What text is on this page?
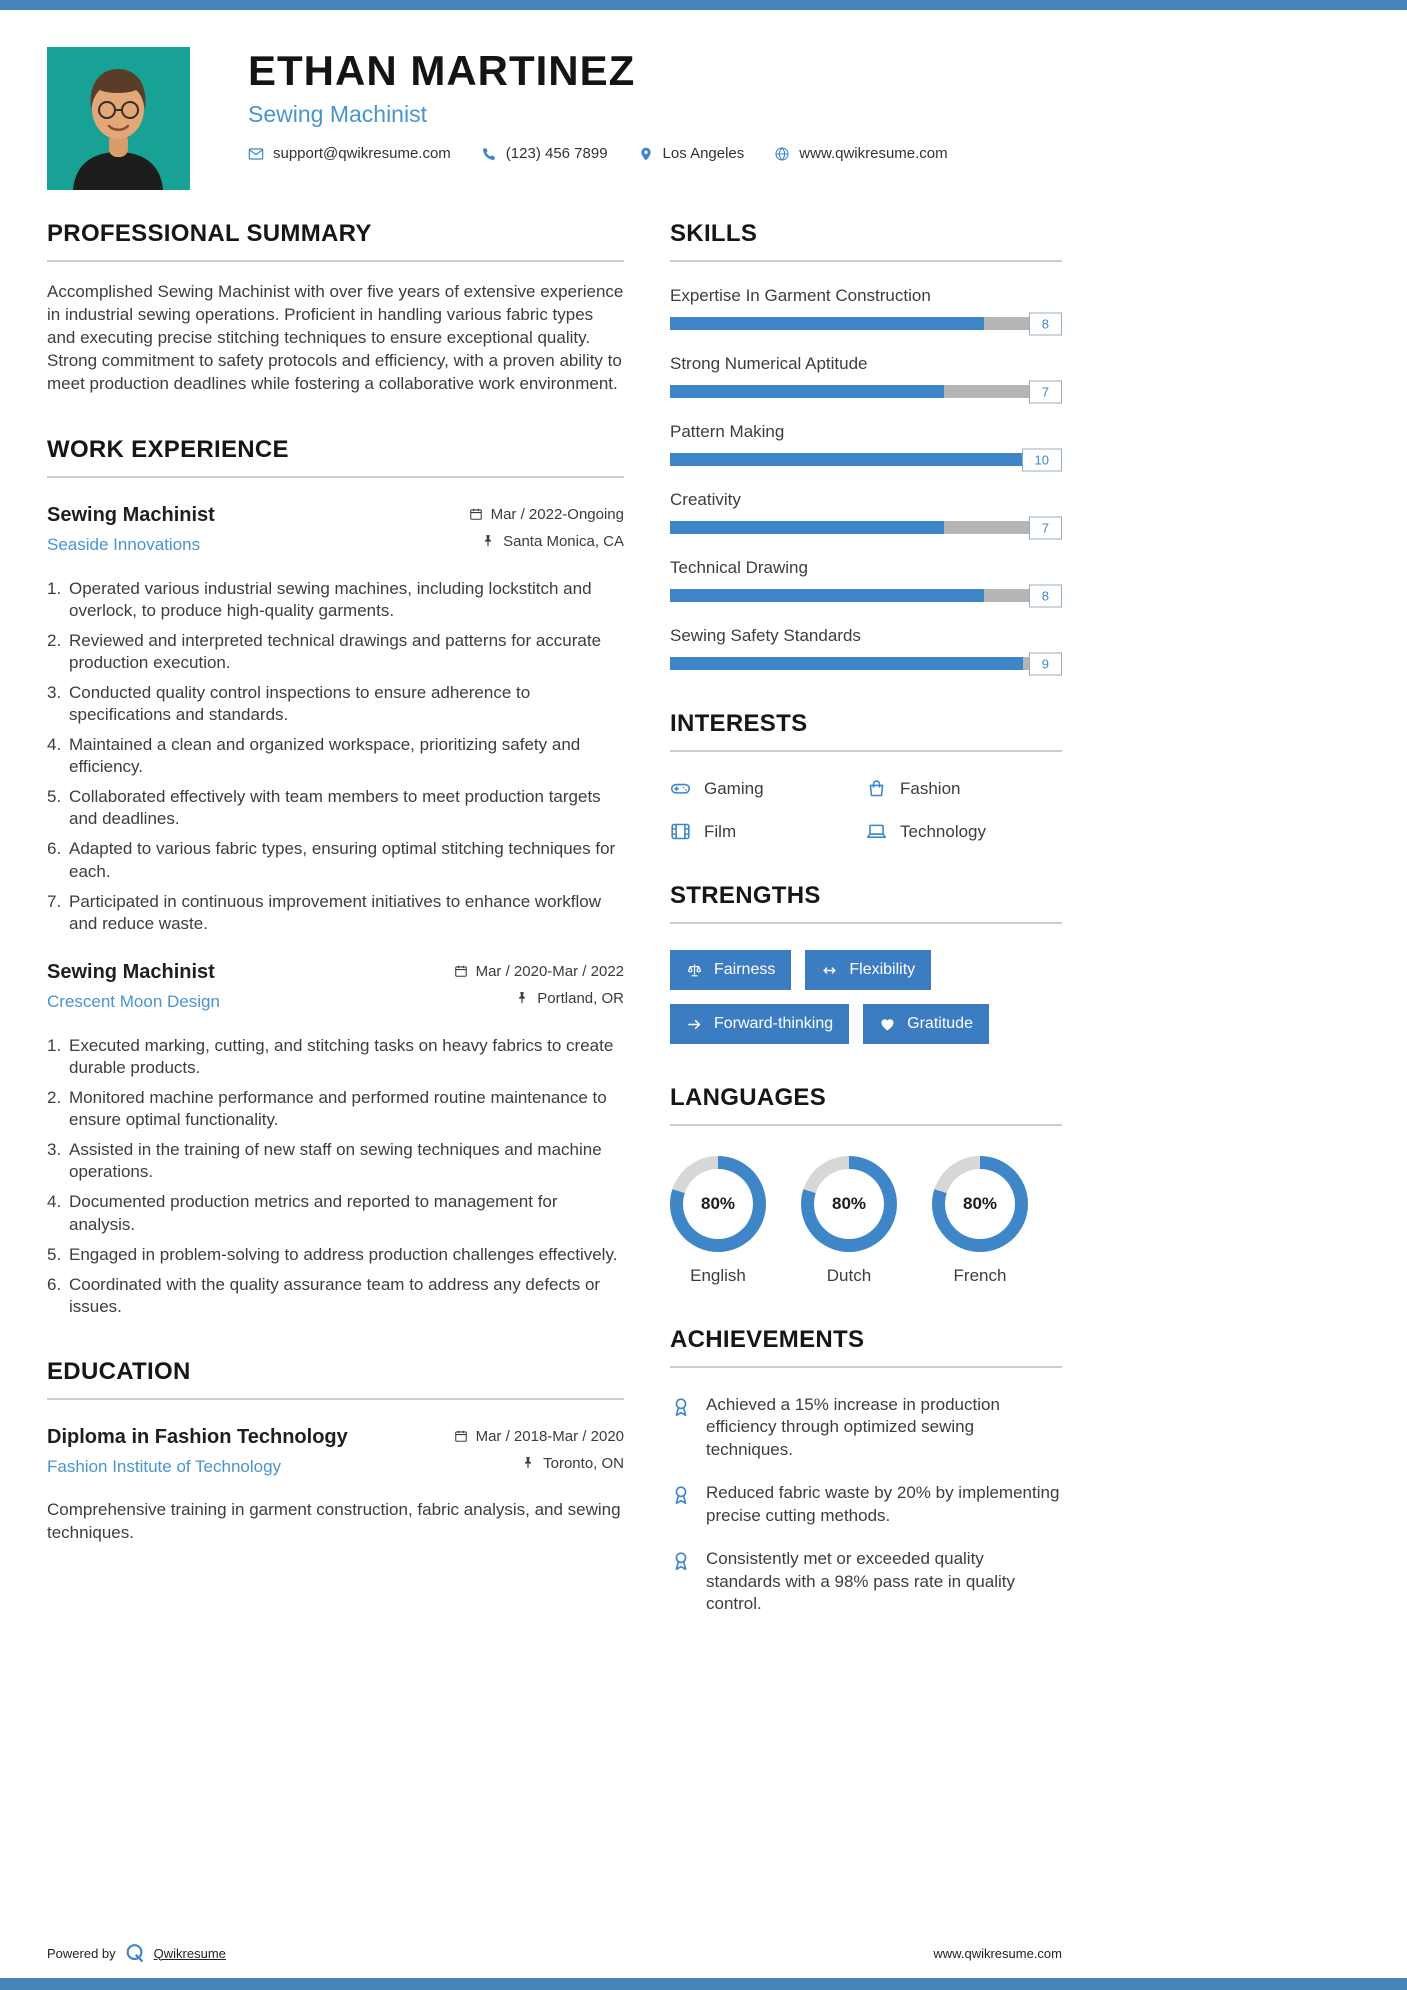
ETHAN MARTINEZ
Sewing Machinist
support@qwikresume.com	(123) 456 7899	Los Angeles	www.qwikresume.com
PROFESSIONAL SUMMARY

Accomplished Sewing Machinist with over five years of extensive experience in industrial sewing operations. Proficient in handling various fabric types and executing precise stitching techniques to ensure exceptional quality. Strong commitment to safety protocols and efficiency, with a proven ability to meet production deadlines while fostering a collaborative work environment.

WORK EXPERIENCE
Sewing Machinist
Seaside Innovations
Mar / 2022-Ongoing
Santa Monica, CA
Operated various industrial sewing machines, including lockstitch and overlock, to produce high-quality garments.
Reviewed and interpreted technical drawings and patterns for accurate production execution.
Conducted quality control inspections to ensure adherence to specifications and standards.
Maintained a clean and organized workspace, prioritizing safety and efficiency.
Collaborated effectively with team members to meet production targets and deadlines.
Adapted to various fabric types, ensuring optimal stitching techniques for each.
Participated in continuous improvement initiatives to enhance workflow and reduce waste.
Sewing Machinist
Crescent Moon Design
Mar / 2020-Mar / 2022
Portland, OR
Executed marking, cutting, and stitching tasks on heavy fabrics to create durable products.
Monitored machine performance and performed routine maintenance to ensure optimal functionality.
Assisted in the training of new staff on sewing techniques and machine operations.
Documented production metrics and reported to management for analysis.
Engaged in problem-solving to address production challenges effectively.
Coordinated with the quality assurance team to address any defects or issues.
EDUCATION
Diploma in Fashion Technology
Fashion Institute of Technology
Mar / 2018-Mar / 2020
Toronto, ON

Comprehensive training in garment construction, fabric analysis, and sewing techniques.

SKILLS
Expertise In Garment Construction
8
Strong Numerical Aptitude
7
Pattern Making
10
Creativity
7
Technical Drawing
8
Sewing Safety Standards
9
INTERESTS
Gaming	Fashion
Film	Technology
STRENGTHS
Fairness	Flexibility
Forward-thinking	Gratitude
LANGUAGES
80%
English
80%
Dutch
80%
French
ACHIEVEMENTS
Achieved a 15% increase in production efficiency through optimized sewing techniques.
Reduced fabric waste by 20% by implementing precise cutting methods.
Consistently met or exceeded quality standards with a 98% pass rate in quality control.
Powered by	Qwikresume	www.qwikresume.com
